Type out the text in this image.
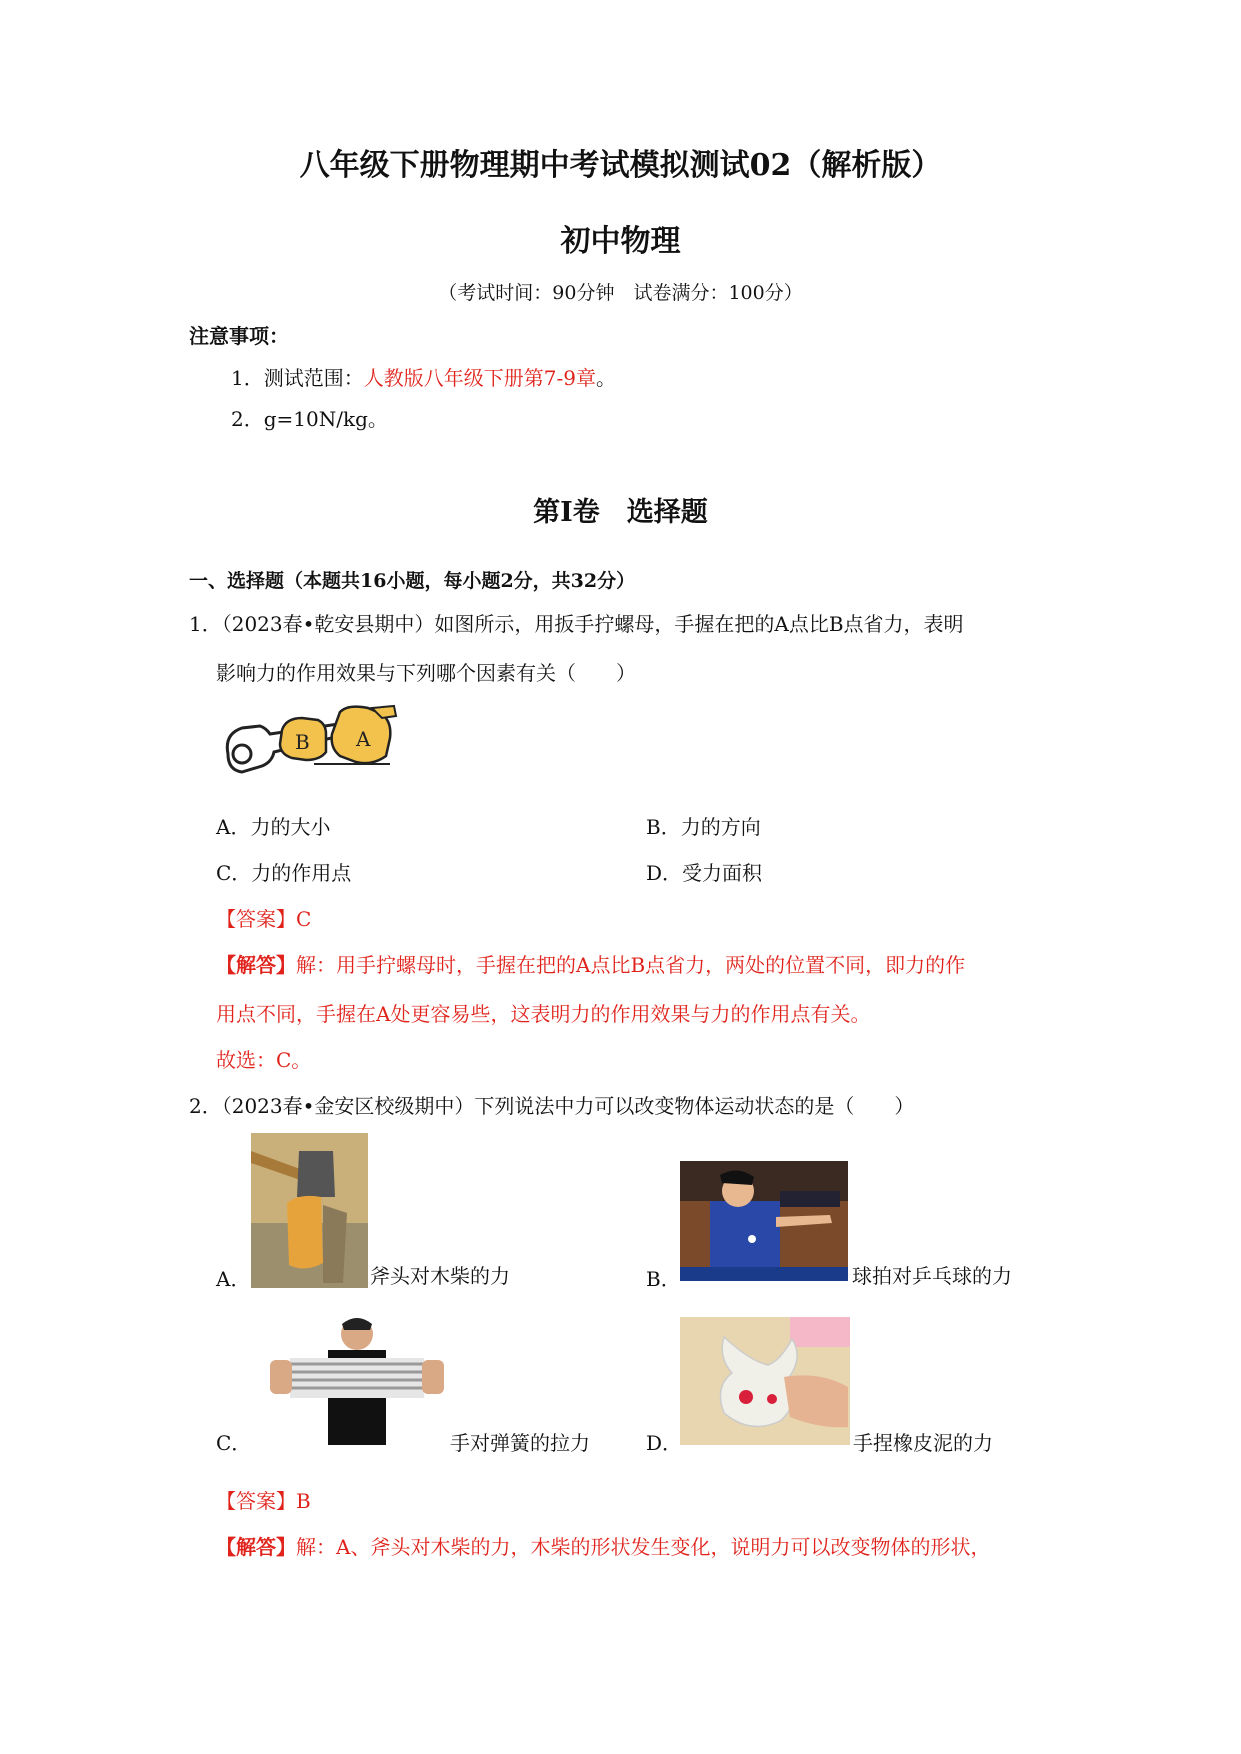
八年级下册物理期中考试模拟测试02（解析版）
初中物理
（考试时间：90分钟　试卷满分：100分）
注意事项：
1．测试范围：人教版八年级下册第7-9章。
2．g=10N/kg。
第Ⅰ卷　选择题
一、选择题（本题共16小题，每小题2分，共32分）
1．（2023春•乾安县期中）如图所示，用扳手拧螺母，手握在把的A点比B点省力，表明
影响力的作用效果与下列哪个因素有关（　　）
B A
A．力的大小	B．力的方向
C．力的作用点	D．受力面积
【答案】C
【解答】解：用手拧螺母时，手握在把的A点比B点省力，两处的位置不同，即力的作
用点不同，手握在A处更容易些，这表明力的作用效果与力的作用点有关。
故选：C。
2．（2023春•金安区校级期中）下列说法中力可以改变物体运动状态的是（　　）
A．	斧头对木柴的力	B．	球拍对乒乓球的力
C．	手对弹簧的拉力	D．	手捏橡皮泥的力
【答案】B
【解答】解：A、斧头对木柴的力，木柴的形状发生变化，说明力可以改变物体的形状，
